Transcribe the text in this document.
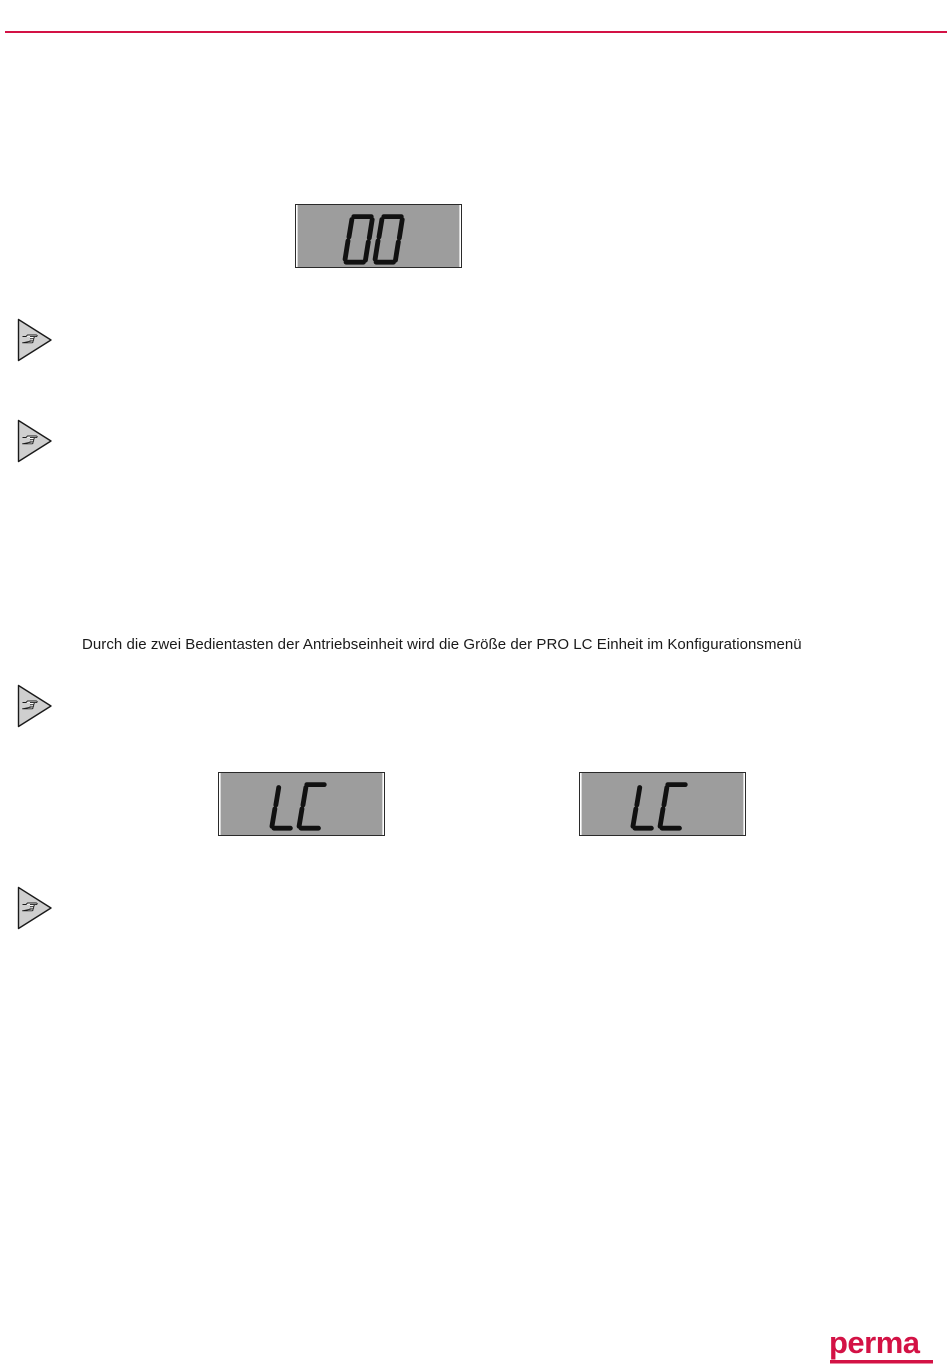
Durch die zwei Bedientasten der Antriebseinheit wird die Größe der PRO LC Einheit im Konfigurationsmenü
perma
